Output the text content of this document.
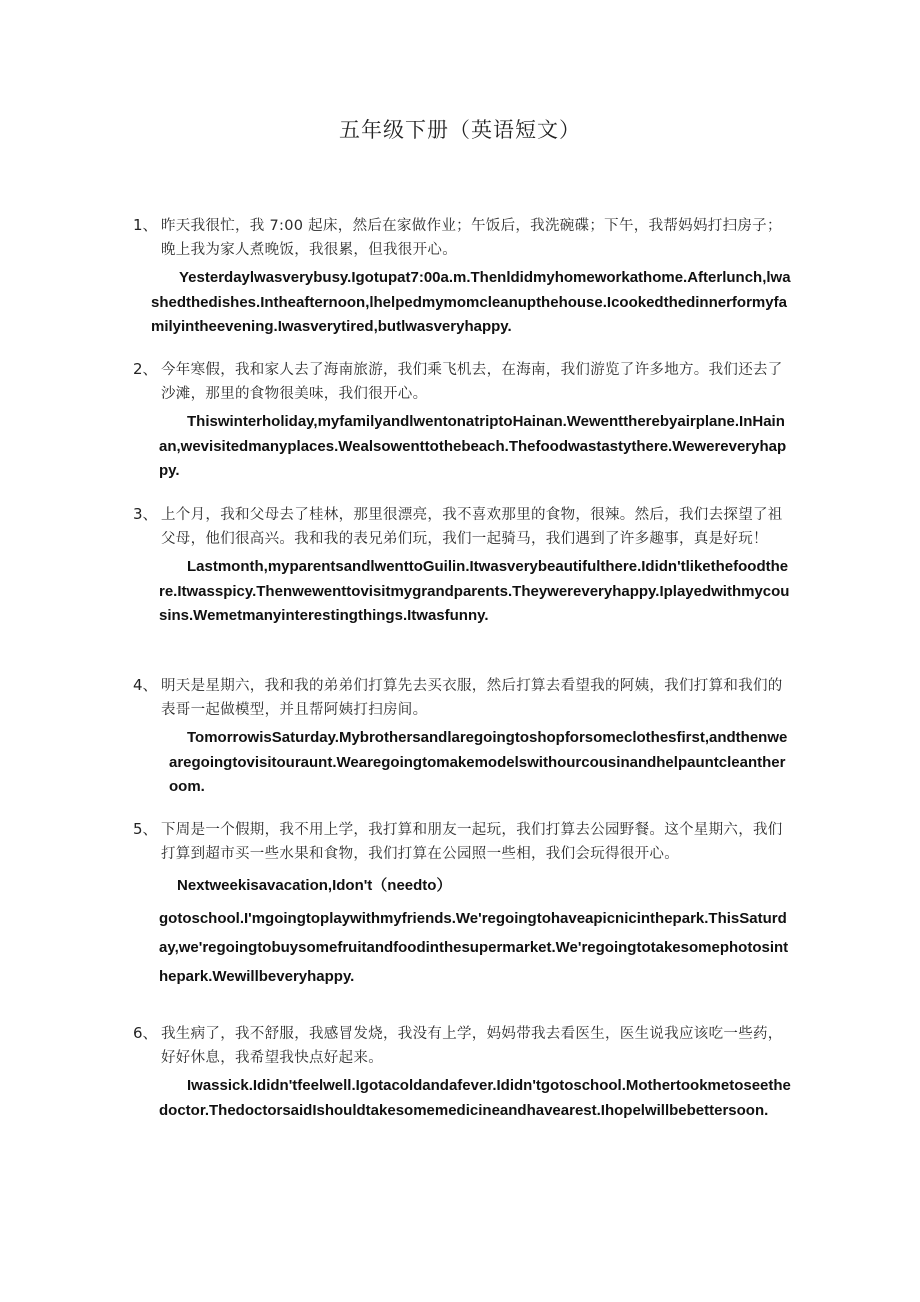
五年级下册（英语短文）
1、 昨天我很忙，我 7:00 起床，然后在家做作业；午饭后，我洗碗碟；下午，我帮妈妈打扫房子；晚上我为家人煮晚饭，我很累，但我很开心。

Yesterdaylwasverybusy.Igotupat7:00a.m.Thenldidmyhomeworkathome.Afterlunch,lwashedthedishes.Intheafternoon,lhelpedmymomcleanupthehouse.Icookedthedinnerformyfamilyintheevening.Iwasverytired,butlwasveryhappy.

2、 今年寒假，我和家人去了海南旅游，我们乘飞机去，在海南，我们游览了许多地方。我们还去了沙滩，那里的食物很美味，我们很开心。

Thiswinterholiday,myfamilyandlwentonatriptoHainan.Wewenttherebyairplane.InHainan,wevisitedmanyplaces.Wealsowenttothebeach.Thefoodwastastythere.Wewereveryhappy.

3、 上个月，我和父母去了桂林，那里很漂亮，我不喜欢那里的食物，很辣。然后，我们去探望了祖父母，他们很高兴。我和我的表兄弟们玩，我们一起骑马，我们遇到了许多趣事，真是好玩！

Lastmonth,myparentsandlwenttoGuilin.Itwasverybeautifulthere.Ididn'tlikethefoodthere.Itwasspicy.Thenwewenttovisitmygrandparents.Theywereveryhappy.Iplayedwithmycousins.Wemetmanyinterestingthings.Itwasfunny.

4、 明天是星期六，我和我的弟弟们打算先去买衣服，然后打算去看望我的阿姨，我们打算和我们的表哥一起做模型，并且帮阿姨打扫房间。

TomorrowisSaturday.Mybrothersandlaregoingtoshopforsomeclothesfirst,andthenwearegoingtovisitouraunt.Wearegoingtomakemodelswithourcousinandhelpauntcleantheroom.

5、 下周是一个假期，我不用上学，我打算和朋友一起玩，我们打算去公园野餐。这个星期六，我们打算到超市买一些水果和食物，我们打算在公园照一些相，我们会玩得很开心。

Nextweekisavacation,Idon't（needto）

gotoschool.I'mgoingtoplaywithmyfriends.We'regoingtohaveapicnicinthepark.ThisSaturday,we'regoingtobuysomefruitandfoodinthesupermarket.We'regoingtotakesomephotosinthepark.Wewillbeveryhappy.

6、 我生病了，我不舒服，我感冒发烧，我没有上学，妈妈带我去看医生，医生说我应该吃一些药，好好休息，我希望我快点好起来。

Iwassick.Ididn'tfeelwell.Igotacoldandafever.Ididn'tgotoschool.Mothertookmetoseethedoctor.ThedoctorsaidIshouldtakesomemedicineandhavearest.Ihopelwillbebettersoon.
